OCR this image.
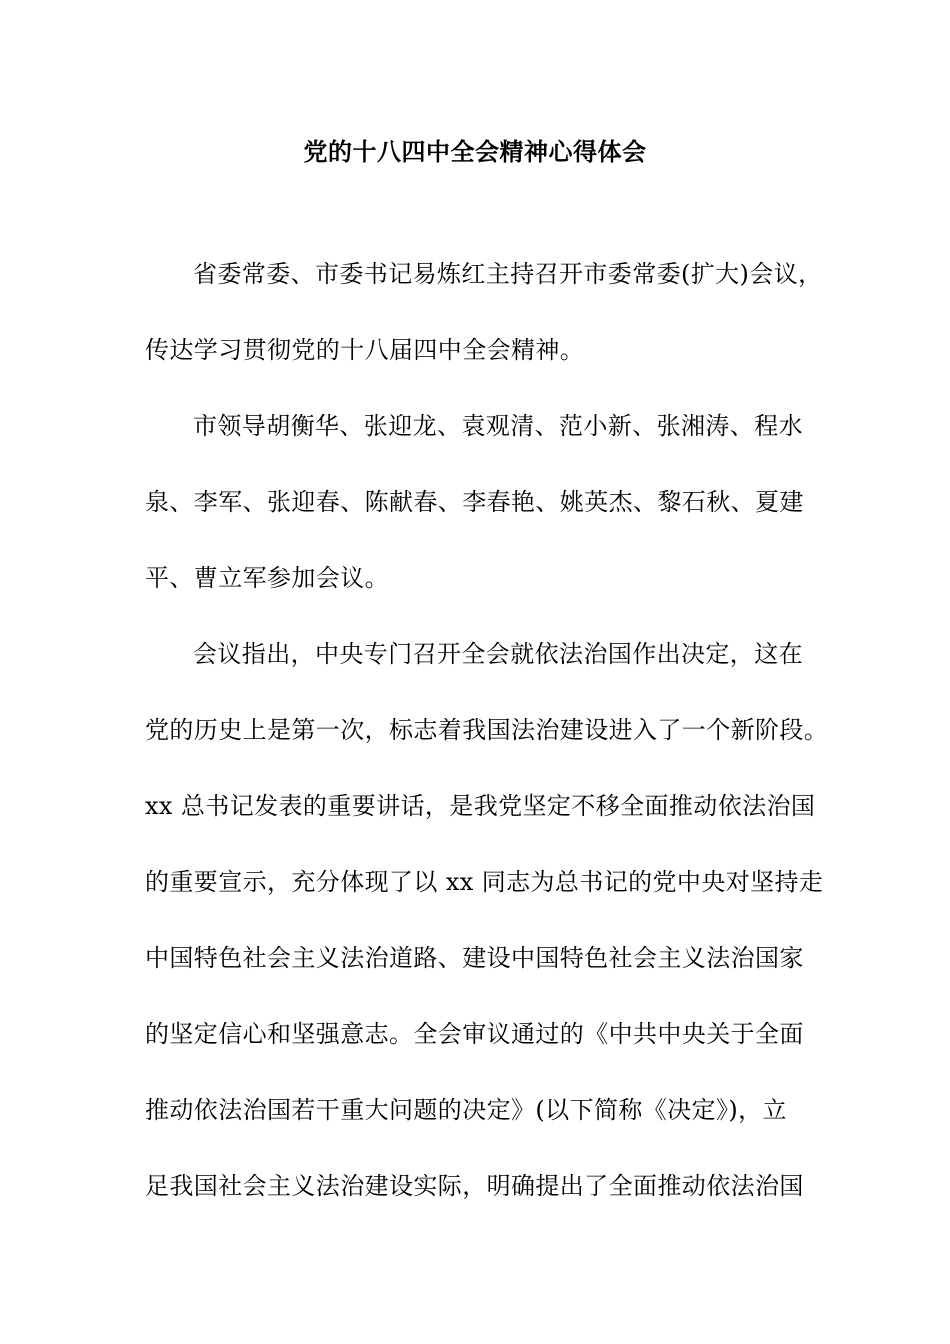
党的十八四中全会精神心得体会
省委常委、市委书记易炼红主持召开市委常委(扩大)会议，
传达学习贯彻党的十八届四中全会精神。
市领导胡衡华、张迎龙、袁观清、范小新、张湘涛、程水
泉、李军、张迎春、陈献春、李春艳、姚英杰、黎石秋、夏建
平、曹立军参加会议。
会议指出，中央专门召开全会就依法治国作出决定，这在
党的历史上是第一次，标志着我国法治建设进入了一个新阶段。
xx 总书记发表的重要讲话，是我党坚定不移全面推动依法治国
的重要宣示，充分体现了以 xx 同志为总书记的党中央对坚持走
中国特色社会主义法治道路、建设中国特色社会主义法治国家
的坚定信心和坚强意志。全会审议通过的《中共中央关于全面
推动依法治国若干重大问题的决定》(以下简称《决定》)，立
足我国社会主义法治建设实际，明确提出了全面推动依法治国
